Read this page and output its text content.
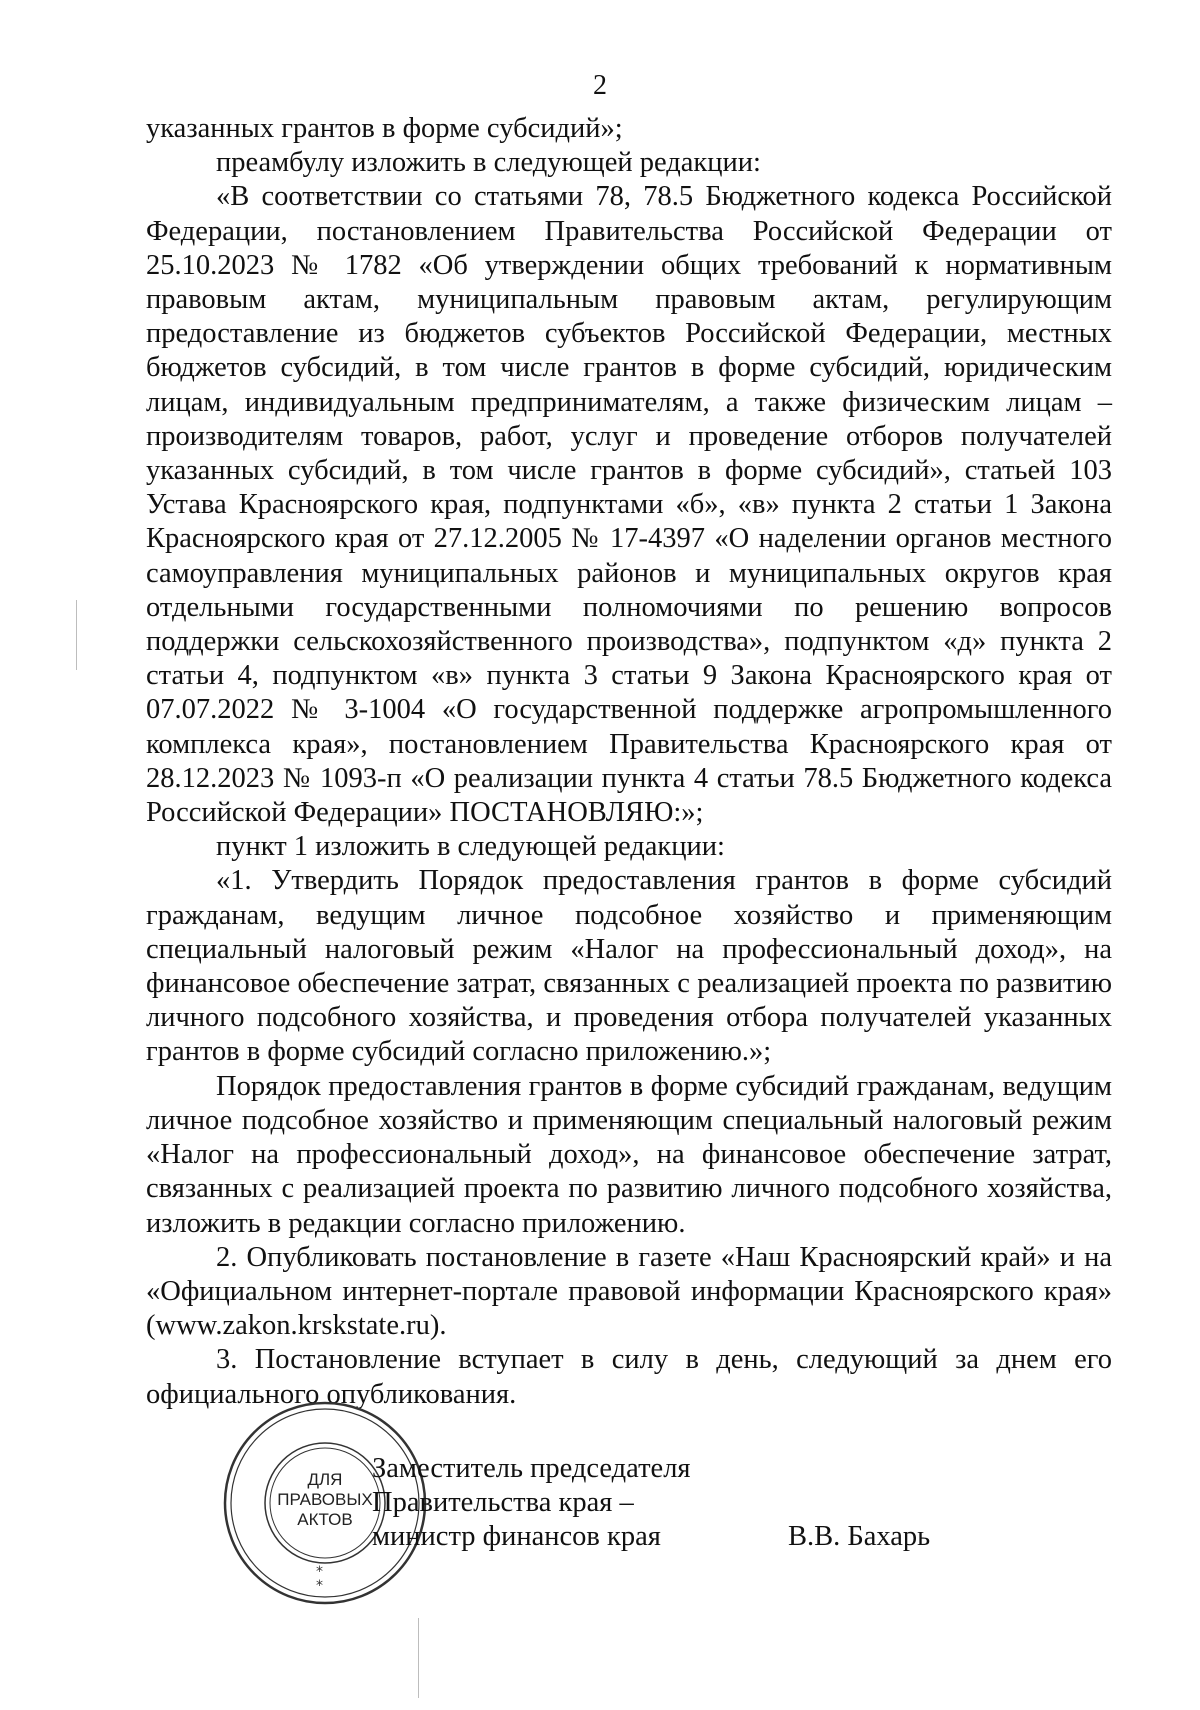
2

указанных грантов в форме субсидий»;

преамбулу изложить в следующей редакции:

«В соответствии со статьями 78, 78.5 Бюджетного кодекса Российской Федерации, постановлением Правительства Российской Федерации от 25.10.2023 № 1782 «Об утверждении общих требований к нормативным правовым актам, муниципальным правовым актам, регулирующим предоставление из бюджетов субъектов Российской Федерации, местных бюджетов субсидий, в том числе грантов в форме субсидий, юридическим лицам, индивидуальным предпринимателям, а также физическим лицам – производителям товаров, работ, услуг и проведение отборов получателей указанных субсидий, в том числе грантов в форме субсидий», статьей 103 Устава Красноярского края, подпунктами «б», «в» пункта 2 статьи 1 Закона Красноярского края от 27.12.2005 № 17-4397 «О наделении органов местного самоуправления муниципальных районов и муниципальных округов края отдельными государственными полномочиями по решению вопросов поддержки сельскохозяйственного производства», подпунктом «д» пункта 2 статьи 4, подпунктом «в» пункта 3 статьи 9 Закона Красноярского края от 07.07.2022 № 3-1004 «О государственной поддержке агропромышленного комплекса края», постановлением Правительства Красноярского края от 28.12.2023 № 1093-п «О реализации пункта 4 статьи 78.5 Бюджетного кодекса Российской Федерации» ПОСТАНОВЛЯЮ:»;

пункт 1 изложить в следующей редакции:

«1. Утвердить Порядок предоставления грантов в форме субсидий гражданам, ведущим личное подсобное хозяйство и применяющим специальный налоговый режим «Налог на профессиональный доход», на финансовое обеспечение затрат, связанных с реализацией проекта по развитию личного подсобного хозяйства, и проведения отбора получателей указанных грантов в форме субсидий согласно приложению.»;

Порядок предоставления грантов в форме субсидий гражданам, ведущим личное подсобное хозяйство и применяющим специальный налоговый режим «Налог на профессиональный доход», на финансовое обеспечение затрат, связанных с реализацией проекта по развитию личного подсобного хозяйства, изложить в редакции согласно приложению.

2. Опубликовать постановление в газете «Наш Красноярский край» и на «Официальном интернет-портале правовой информации Красноярского края» (www.zakon.krskstate.ru).

3. Постановление вступает в силу в день, следующий за днем его официального опубликования.

*
*
ДЛЯ
ПРАВОВЫХ
АКТОВ
Заместитель председателя
Правительства края –
министр финансов края	В.В. Бахарь
